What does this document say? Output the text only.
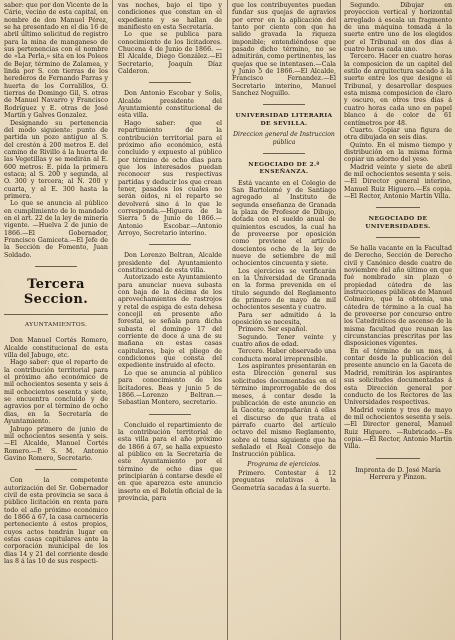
saber: que por don Vicente de la Cárie, vecino de esta capital, en nombre de don Manuel Pérez, se ha presentado en el dia 16 de abril último solicitud de registro para la mina de manganeso de sus pertenencias con el nombre de «La Perla,» sita en los Poleos de Bejar, término de Zalamea, y linda por S. con tierras de los herederos de Fernando Parras y huerta de los Corralillos, O. tierras de Domingo Gil, S. otras de Manuel Navarro y Francisco Rodríguez y E. otras de José Martín y Galves Gonzalez.

Designando su pertenencia del modo siguiente: punto de partida un pozo antiguo al S. del crestón á 200 metros E. del camino de Rivillo á la huerta de las Vegetillas y se medirán al E. 600 metros: E. pida la primera estaca; al S. 200 y segunda, al O. 300 y tercera; al N. 200 y cuarta, y al E. 300 hasta la primera.

Lo que se anuncia al público en cumplimiento de lo mandado en el art. 22 de la ley de minería vigente. —Huelva 2 de junio de 1866.—El Gobernador, Francisco Gamiceta.—El Jefe de la Sección de Fomento, Juan Soldado.

Tercera Seccion.
AYUNTAMIENTOS.

Don Manuel Cortés Romero, Alcalde constitucional de esta villa del Jabugo, etc.

Hago saber: que el reparto de la contribución territorial para el próximo año económico de mil ochocientos sesenta y seis á mil ochocientos sesenta y siete, se encuentra concluido y de agravios por el término de ocho dias, en la Secretaría de Ayuntamiento.

Jabugo primero de junio de mil ochocientos sesenta y seis.—El Alcalde, Manuel Cortés Romero.—P. S. M. Antonio Gavino Romero, Secretario.

Con la competente autorización del Sr. Gobernador civil de esta provincia se saca á público licitación en renta para todo el año próximo económico de 1866 á 67, la casa carnecería perteneciente á estos propios, cuyos actos tendrán lugar en estas casas capitulares ante la corporación municipal de los dias 14 y 21 del corriente desde las 8 á las 10 de sus respecti-

vas noches, bajo el tipo y condiciones que constan en el expediente y se hallan de manifiesto en esta Secretaría.

Lo que se publica para conocimiento de los licitadores. Chucena 4 de Junio de 1866. —El Alcalde, Diego González.—El Secretario, Joaquín Díaz Calderon.

Don Antonio Escobar y Solis, Alcalde presidente del Ayuntamiento constitucional de esta villa.

Hago saber: que el repartimiento de la contribución territorial para el próximo año económico, está concluido y expuesto al público por término de ocho dias para que los interesados puedan reconocer sus respectivas partidas y deducir los que crean tener, pasados los cuales no serán oídos, ni el reparto se devolverá sino á lo que le corresponda.—Higuera de la Sierra 5 de Junio de 1866.—Antonio Escobar.—Antonio Arroyo, Secretario interino.

Don Lorenzo Beltran, Alcalde presidente del Ayuntamiento constitucional de esta villa.

Autorizado este Ayuntamiento para anunciar nueva subasta con baja de la décima de los aprovechamientos de rastrojos y retal de espiga de esta dehesa concejil en presente año forestal, se señala para dicha subasta el domingo 17 del corriente de doce á una de su mañana en estas casas capitulares, bajo el pliego de condiciones que consta del expediente instruido al efecto.

Lo que se anuncia al público para conocimiento de los licitadores. Beas y junio 5 de 1866.—Lorenzo Beltran.—Sebastian Montero, secretario.

Concluido el repartimiento de la contribución territorial de esta villa para el año próximo de 1866 á 67, se halla expuesto al público en la Secretaría de este Ayuntamiento por el término de ocho dias que principiarán á contarse desde el en que aparezca este anuncio inserto en el Boletín oficial de la provincia, para

que los contribuyentes puedan fundar sus quejas de agravios por error en la aplicación del tanto por ciento con que ha salido gravada la riqueza imponible; entendiéndose que pasado dicho término, no se admitirán, como pertinentes, las quejas que se intentasen.—Cala y Junio 5 de 1866.—El Alcalde, Francisco Fernandez.—El Secretario interino, Manuel Sanchez Noguillo.

UNIVERSIDAD LITERARIA DE SEVILLA.
Direccion general de Instruccion pública
NEGOCIADO DE 2.ª ENSEÑANZA.

Está vacante en el Colegio de San Bartolomé y de Santiago agregado al Instituto de segunda enseñanza de Granada la plaza de Profesor de Dibujo, dotada con el sueldo anual de quinientos escudos, la cual ha de proveerse por oposición como previene el artículo doscientos ocho de la ley de nueve de setiembre de mil ochocientos cincuenta y siete.

Los ejercicios se verificarán en la Universidad de Granada en la forma prevenida en el título segundo del Reglamento de primero de mayo de mil ochocientos sesenta y cuatro.

Para ser admitido á la oposición se necesita,

Primero. Ser español.

Segundo. Tener veinte y cuatro años de edad.

Tercero. Haber observado una conducta moral irreprensible.

Los aspirantes presentarán en esta Dirección general sus solicitudes documentadas en el término improrrogable de dos meses, á contar desde la publicación de este anuncio en la Gaceta; acompañarán á ellas el discurso de que trata el párrafo cuarto del artículo octavo del mismo Reglamento, sobre el tema siguiente que ha señalado el Real Consejo de Instrucción pública.

Programa de ejercicios.

Primero. Contestar á 12 preguntas relativas á la Geometría sacadas á la suerte.

Segundo. Dibujar en proyeccion vertical y horizontal arreglado á escala un fragmento de una máquina tomada á la suerte entre uno de los elegidos por el Tribunal en dos dias á cuatro horas cada uno.

Tercero. Hacer en cuatro horas la composicion de un capitel del estilo de arquitectura sacado á la suerte entre los que designe el Tribunal, y desarrollar despues esta misma composicion de claro y oscuro, en otros tres dias á cuatro horas cada uno en papel blanco á de color de 61 centímetros por 48.

Cuarto. Copiar una figura de otra dibujada en seis dias.

Quinto. En el mismo tiempo y distribución en la misma forma copiar un adorno del yeso.

Madrid veinte y siete de abril de mil ochocientos sesenta y seis.—El Director general interino, Manuel Ruiz Higuero.—Es copia.—El Rector, Antonio Martín Villa.

NEGOCIADO DE UNIVERSIDADES.

Se halla vacante en la Facultad de Derecho, Sección de Derecho civil y Canónico desde cuatro de noviembre del año último en que fué nombrado sin plazo ó propiedad cátedra de las instrucciones públicas de Manuel Colmeiro, que la obtenía, una cátedra de término a la cual ha de proveerse por concurso entre los Catedráticos de ascenso de la misma facultad que reunan las circunstancias prescritas por las disposiciones vigentes.

En el término de un mes, á contar desde la publicación del presente anuncio en la Gaceta de Madrid, remitirán los aspirantes sus solicitudes documentadas á esta Dirección general por conducto de los Rectores de las Universidades respectivas.

Madrid veinte y tres de mayo de mil ochocientos sesenta y seis.—El Director general, Manuel Ruiz Higuero. —Rubricado.—Es copia.—El Rector, Antonio Martín Villa.

Imprenta de D. José María Herrera y Pinzon.
